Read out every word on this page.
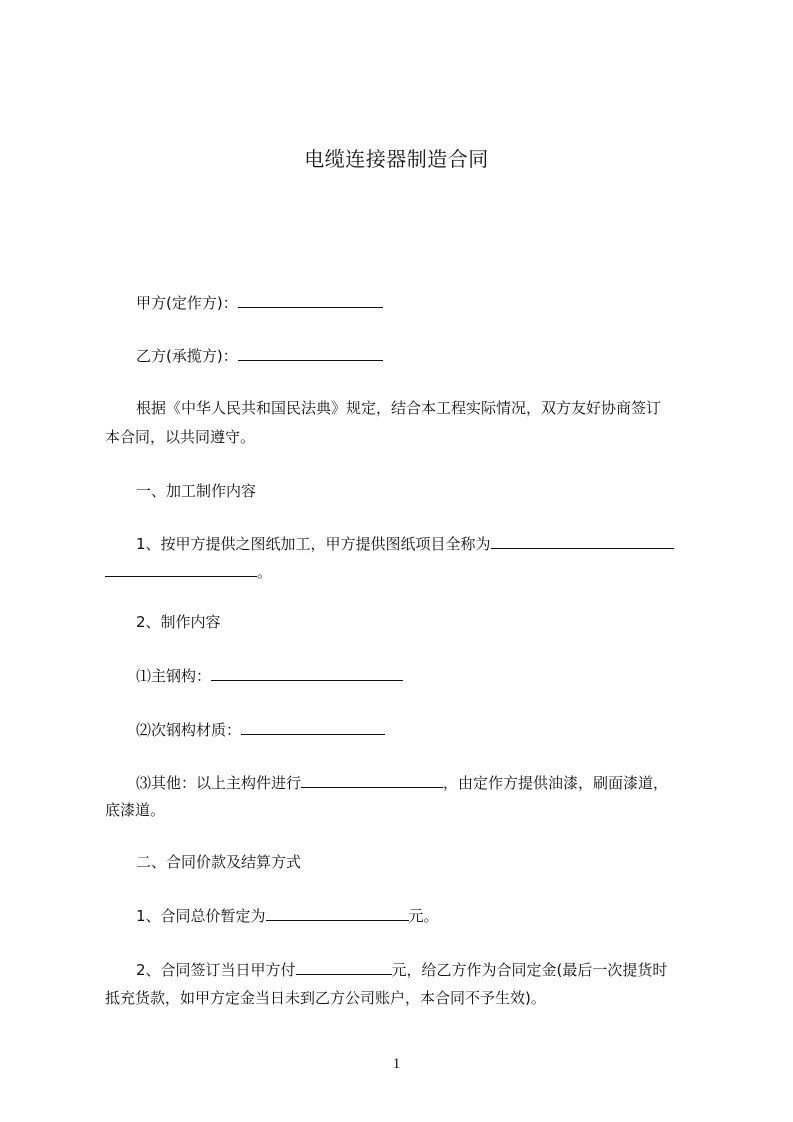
电缆连接器制造合同
甲方(定作方)：
乙方(承揽方)：
根据《中华人民共和国民法典》规定，结合本工程实际情况，双方友好协商签订
本合同，以共同遵守。
一、加工制作内容
1、按甲方提供之图纸加工，甲方提供图纸项目全称为
。
2、制作内容
⑴主钢构：
⑵次钢构材质：
⑶其他：以上主构件进行	，由定作方提供油漆，刷面漆道，
底漆道。
二、合同价款及结算方式
1、合同总价暂定为	元。
2、合同签订当日甲方付	元，给乙方作为合同定金(最后一次提货时
抵充货款，如甲方定金当日未到乙方公司账户，本合同不予生效)。
1
